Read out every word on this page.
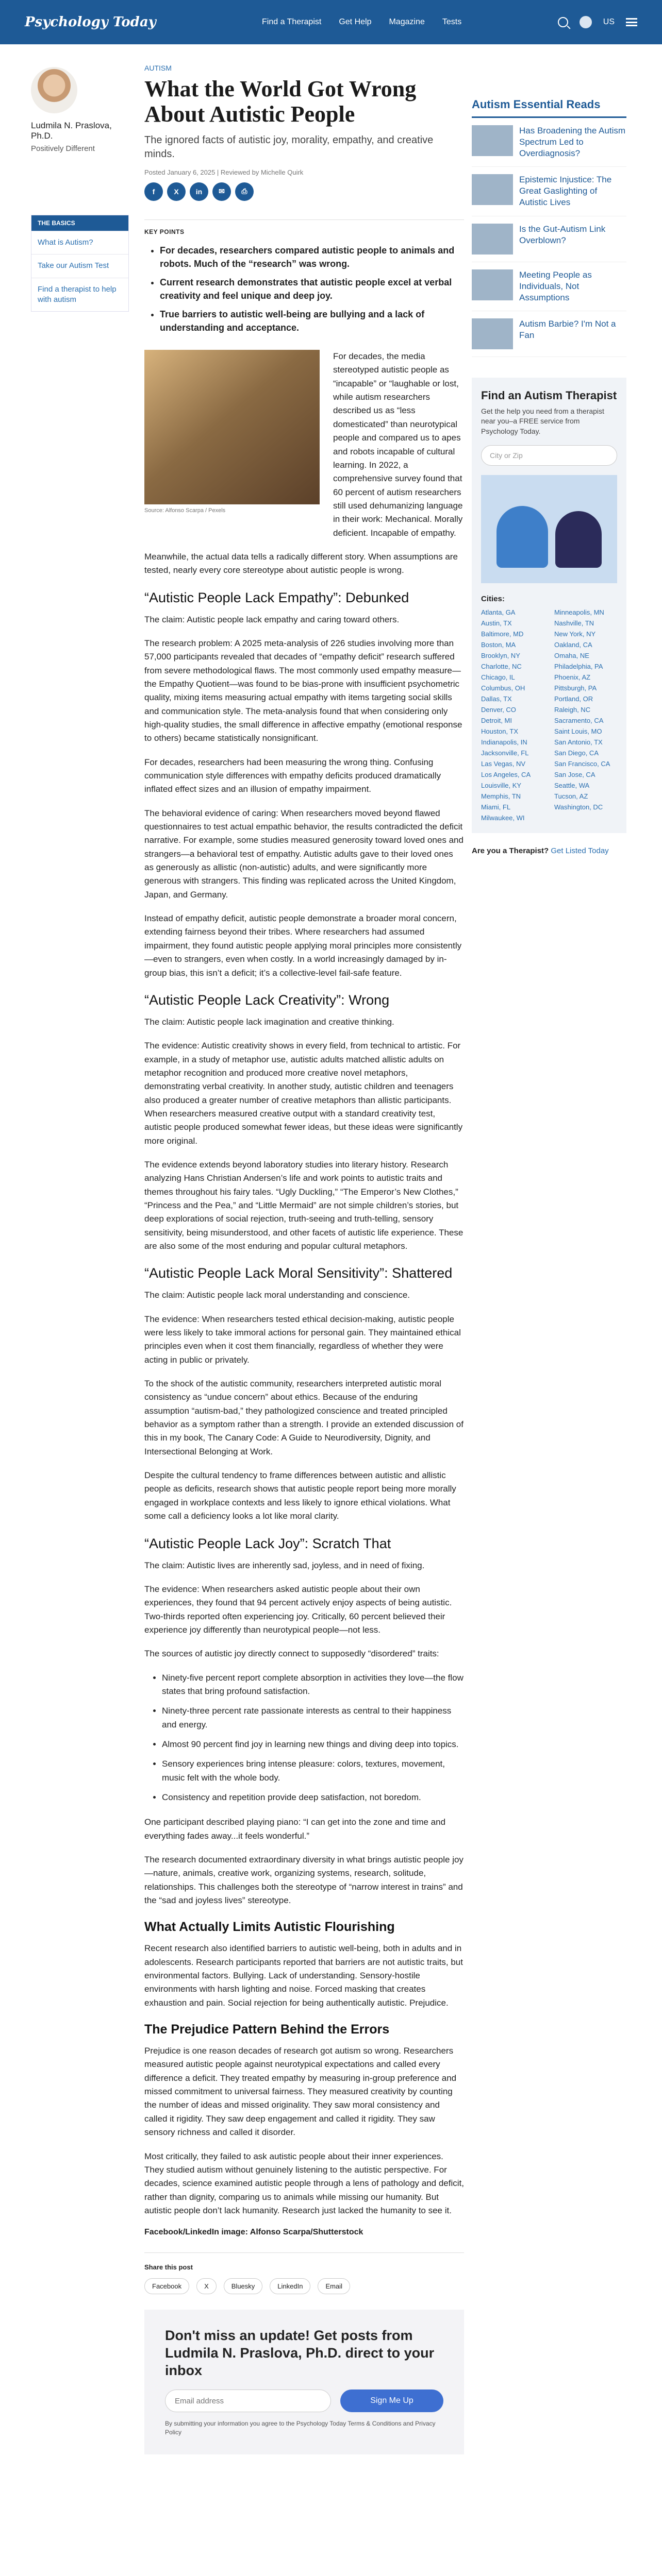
Psychology Today	Find a Therapist Get Help Magazine Tests	US
Ludmila N. Praslova, Ph.D.
Positively Different
THE BASICS
What is Autism?
Take our Autism Test
Find a therapist to help with autism
AUTISM
What the World Got Wrong About Autistic People
The ignored facts of autistic joy, morality, empathy, and creative minds.
Posted January 6, 2025 | Reviewed by Michelle Quirk
f	X	in	✉	⎙
KEY POINTS
• For decades, researchers compared autistic people to animals and robots. Much of the “research” was wrong.
• Current research demonstrates that autistic people excel at verbal creativity and feel unique and deep joy.
• True barriers to autistic well-being are bullying and a lack of understanding and acceptance.
Source: Alfonso Scarpa / Pexels

For decades, the media stereotyped autistic people as “incapable” or “laughable or lost, while autism researchers described us as “less domesticated” than neurotypical people and compared us to apes and robots incapable of cultural learning. In 2022, a comprehensive survey found that 60 percent of autism researchers still used dehumanizing language in their work: Mechanical. Morally deficient. Incapable of empathy.

Meanwhile, the actual data tells a radically different story. When assumptions are tested, nearly every core stereotype about autistic people is wrong.

“Autistic People Lack Empathy”: Debunked

The claim: Autistic people lack empathy and caring toward others.

The research problem: A 2025 meta-analysis of 226 studies involving more than 57,000 participants revealed that decades of “empathy deficit” research suffered from severe methodological flaws. The most commonly used empathy measure—the Empathy Quotient—was found to be bias-prone with insufficient psychometric quality, mixing items measuring actual empathy with items targeting social skills and communication style. The meta-analysis found that when considering only high-quality studies, the small difference in affective empathy (emotional response to others) became statistically nonsignificant.

For decades, researchers had been measuring the wrong thing. Confusing communication style differences with empathy deficits produced dramatically inflated effect sizes and an illusion of empathy impairment.

The behavioral evidence of caring: When researchers moved beyond flawed questionnaires to test actual empathic behavior, the results contradicted the deficit narrative. For example, some studies measured generosity toward loved ones and strangers—a behavioral test of empathy. Autistic adults gave to their loved ones as generously as allistic (non-autistic) adults, and were significantly more generous with strangers. This finding was replicated across the United Kingdom, Japan, and Germany.

Instead of empathy deficit, autistic people demonstrate a broader moral concern, extending fairness beyond their tribes. Where researchers had assumed impairment, they found autistic people applying moral principles more consistently—even to strangers, even when costly. In a world increasingly damaged by in-group bias, this isn’t a deficit; it’s a collective-level fail-safe feature.

“Autistic People Lack Creativity”: Wrong

The claim: Autistic people lack imagination and creative thinking.

The evidence: Autistic creativity shows in every field, from technical to artistic. For example, in a study of metaphor use, autistic adults matched allistic adults on metaphor recognition and produced more creative novel metaphors, demonstrating verbal creativity. In another study, autistic children and teenagers also produced a greater number of creative metaphors than allistic participants. When researchers measured creative output with a standard creativity test, autistic people produced somewhat fewer ideas, but these ideas were significantly more original.

The evidence extends beyond laboratory studies into literary history. Research analyzing Hans Christian Andersen’s life and work points to autistic traits and themes throughout his fairy tales. “Ugly Duckling,” “The Emperor’s New Clothes,” “Princess and the Pea,” and “Little Mermaid” are not simple children’s stories, but deep explorations of social rejection, truth-seeing and truth-telling, sensory sensitivity, being misunderstood, and other facets of autistic life experience. These are also some of the most enduring and popular cultural metaphors.

“Autistic People Lack Moral Sensitivity”: Shattered

The claim: Autistic people lack moral understanding and conscience.

The evidence: When researchers tested ethical decision-making, autistic people were less likely to take immoral actions for personal gain. They maintained ethical principles even when it cost them financially, regardless of whether they were acting in public or privately.

To the shock of the autistic community, researchers interpreted autistic moral consistency as “undue concern” about ethics. Because of the enduring assumption “autism-bad,” they pathologized conscience and treated principled behavior as a symptom rather than a strength. I provide an extended discussion of this in my book, The Canary Code: A Guide to Neurodiversity, Dignity, and Intersectional Belonging at Work.

Despite the cultural tendency to frame differences between autistic and allistic people as deficits, research shows that autistic people report being more morally engaged in workplace contexts and less likely to ignore ethical violations. What some call a deficiency looks a lot like moral clarity.

“Autistic People Lack Joy”: Scratch That

The claim: Autistic lives are inherently sad, joyless, and in need of fixing.

The evidence: When researchers asked autistic people about their own experiences, they found that 94 percent actively enjoy aspects of being autistic. Two-thirds reported often experiencing joy. Critically, 60 percent believed their experience joy differently than neurotypical people—not less.

The sources of autistic joy directly connect to supposedly “disordered” traits:

• Ninety-five percent report complete absorption in activities they love—the flow states that bring profound satisfaction.
• Ninety-three percent rate passionate interests as central to their happiness and energy.
• Almost 90 percent find joy in learning new things and diving deep into topics.
• Sensory experiences bring intense pleasure: colors, textures, movement, music felt with the whole body.
• Consistency and repetition provide deep satisfaction, not boredom.

One participant described playing piano: “I can get into the zone and time and everything fades away...it feels wonderful.”

The research documented extraordinary diversity in what brings autistic people joy—nature, animals, creative work, organizing systems, research, solitude, relationships. This challenges both the stereotype of “narrow interest in trains” and the “sad and joyless lives” stereotype.

What Actually Limits Autistic Flourishing

Recent research also identified barriers to autistic well-being, both in adults and in adolescents. Research participants reported that barriers are not autistic traits, but environmental factors. Bullying. Lack of understanding. Sensory-hostile environments with harsh lighting and noise. Forced masking that creates exhaustion and pain. Social rejection for being authentically autistic. Prejudice.

The Prejudice Pattern Behind the Errors

Prejudice is one reason decades of research got autism so wrong. Researchers measured autistic people against neurotypical expectations and called every difference a deficit. They treated empathy by measuring in-group preference and missed commitment to universal fairness. They measured creativity by counting the number of ideas and missed originality. They saw moral consistency and called it rigidity. They saw deep engagement and called it rigidity. They saw sensory richness and called it disorder.

Most critically, they failed to ask autistic people about their inner experiences. They studied autism without genuinely listening to the autistic perspective. For decades, science examined autistic people through a lens of pathology and deficit, rather than dignity, comparing us to animals while missing our humanity. But autistic people don’t lack humanity. Research just lacked the humanity to see it.

Facebook/LinkedIn image: Alfonso Scarpa/Shutterstock
Share this post
Facebook	X	Bluesky	LinkedIn	Email
Don't miss an update! Get posts from Ludmila N. Praslova, Ph.D. direct to your inbox
Email address
Sign Me Up
By submitting your information you agree to the Psychology Today Terms & Conditions and Privacy Policy
Autism Essential Reads
Has Broadening the Autism Spectrum Led to Overdiagnosis?
Epistemic Injustice: The Great Gaslighting of Autistic Lives
Is the Gut-Autism Link Overblown?
Meeting People as Individuals, Not Assumptions
Autism Barbie? I'm Not a Fan
Find an Autism Therapist
Get the help you need from a therapist near you–a FREE service from Psychology Today.
City or Zip
Cities:
Atlanta, GA	Minneapolis, MN
Austin, TX	Nashville, TN
Baltimore, MD	New York, NY
Boston, MA	Oakland, CA
Brooklyn, NY	Omaha, NE
Charlotte, NC	Philadelphia, PA
Chicago, IL	Phoenix, AZ
Columbus, OH	Pittsburgh, PA
Dallas, TX	Portland, OR
Denver, CO	Raleigh, NC
Detroit, MI	Sacramento, CA
Houston, TX	Saint Louis, MO
Indianapolis, IN	San Antonio, TX
Jacksonville, FL	San Diego, CA
Las Vegas, NV	San Francisco, CA
Los Angeles, CA	San Jose, CA
Louisville, KY	Seattle, WA
Memphis, TN	Tucson, AZ
Miami, FL	Washington, DC
Milwaukee, WI
Are you a Therapist? Get Listed Today
